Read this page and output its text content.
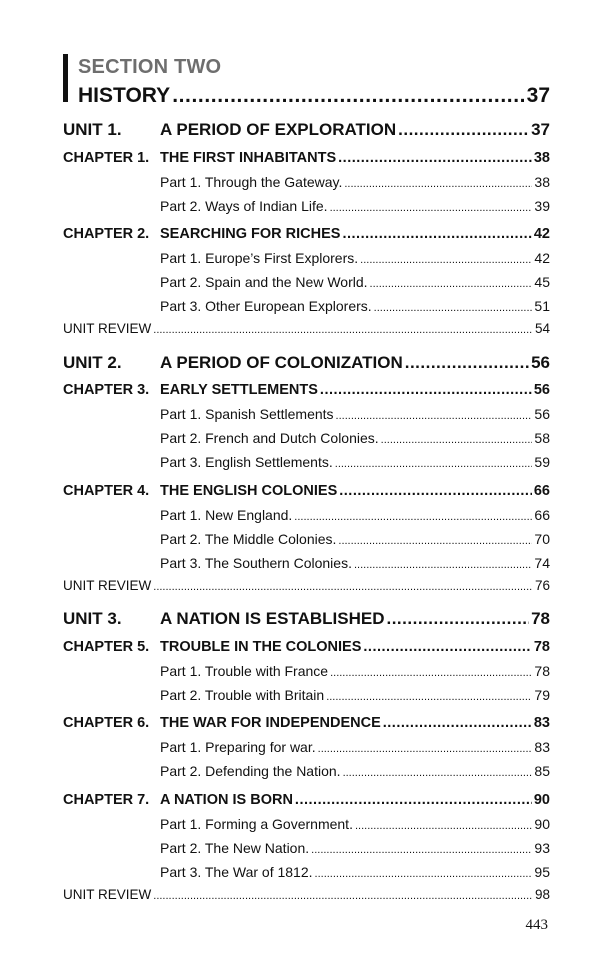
SECTION TWO
HISTORY .....	37
UNIT 1. A PERIOD OF EXPLORATION .....	37
CHAPTER 1. THE FIRST INHABITANTS .....	38
Part 1. Through the Gateway. .....	38
Part 2. Ways of Indian Life. .....	39
CHAPTER 2. SEARCHING FOR RICHES .....	42
Part 1. Europe’s First Explorers. .....	42
Part 2. Spain and the New World. .....	45
Part 3. Other European Explorers. .....	51
UNIT REVIEW .....	54
UNIT 2. A PERIOD OF COLONIZATION .....	56
CHAPTER 3. EARLY SETTLEMENTS .....	56
Part 1. Spanish Settlements .....	56
Part 2. French and Dutch Colonies. .....	58
Part 3. English Settlements. .....	59
CHAPTER 4. THE ENGLISH COLONIES .....	66
Part 1. New England. .....	66
Part 2. The Middle Colonies. .....	70
Part 3. The Southern Colonies. .....	74
UNIT REVIEW .....	76
UNIT 3. A NATION IS ESTABLISHED .....	78
CHAPTER 5. TROUBLE IN THE COLONIES .....	78
Part 1. Trouble with France .....	78
Part 2. Trouble with Britain .....	79
CHAPTER 6. THE WAR FOR INDEPENDENCE .....	83
Part 1. Preparing for war. .....	83
Part 2. Defending the Nation. .....	85
CHAPTER 7. A NATION IS BORN .....	90
Part 1. Forming a Government. .....	90
Part 2. The New Nation. .....	93
Part 3. The War of 1812. .....	95
UNIT REVIEW .....	98
443
